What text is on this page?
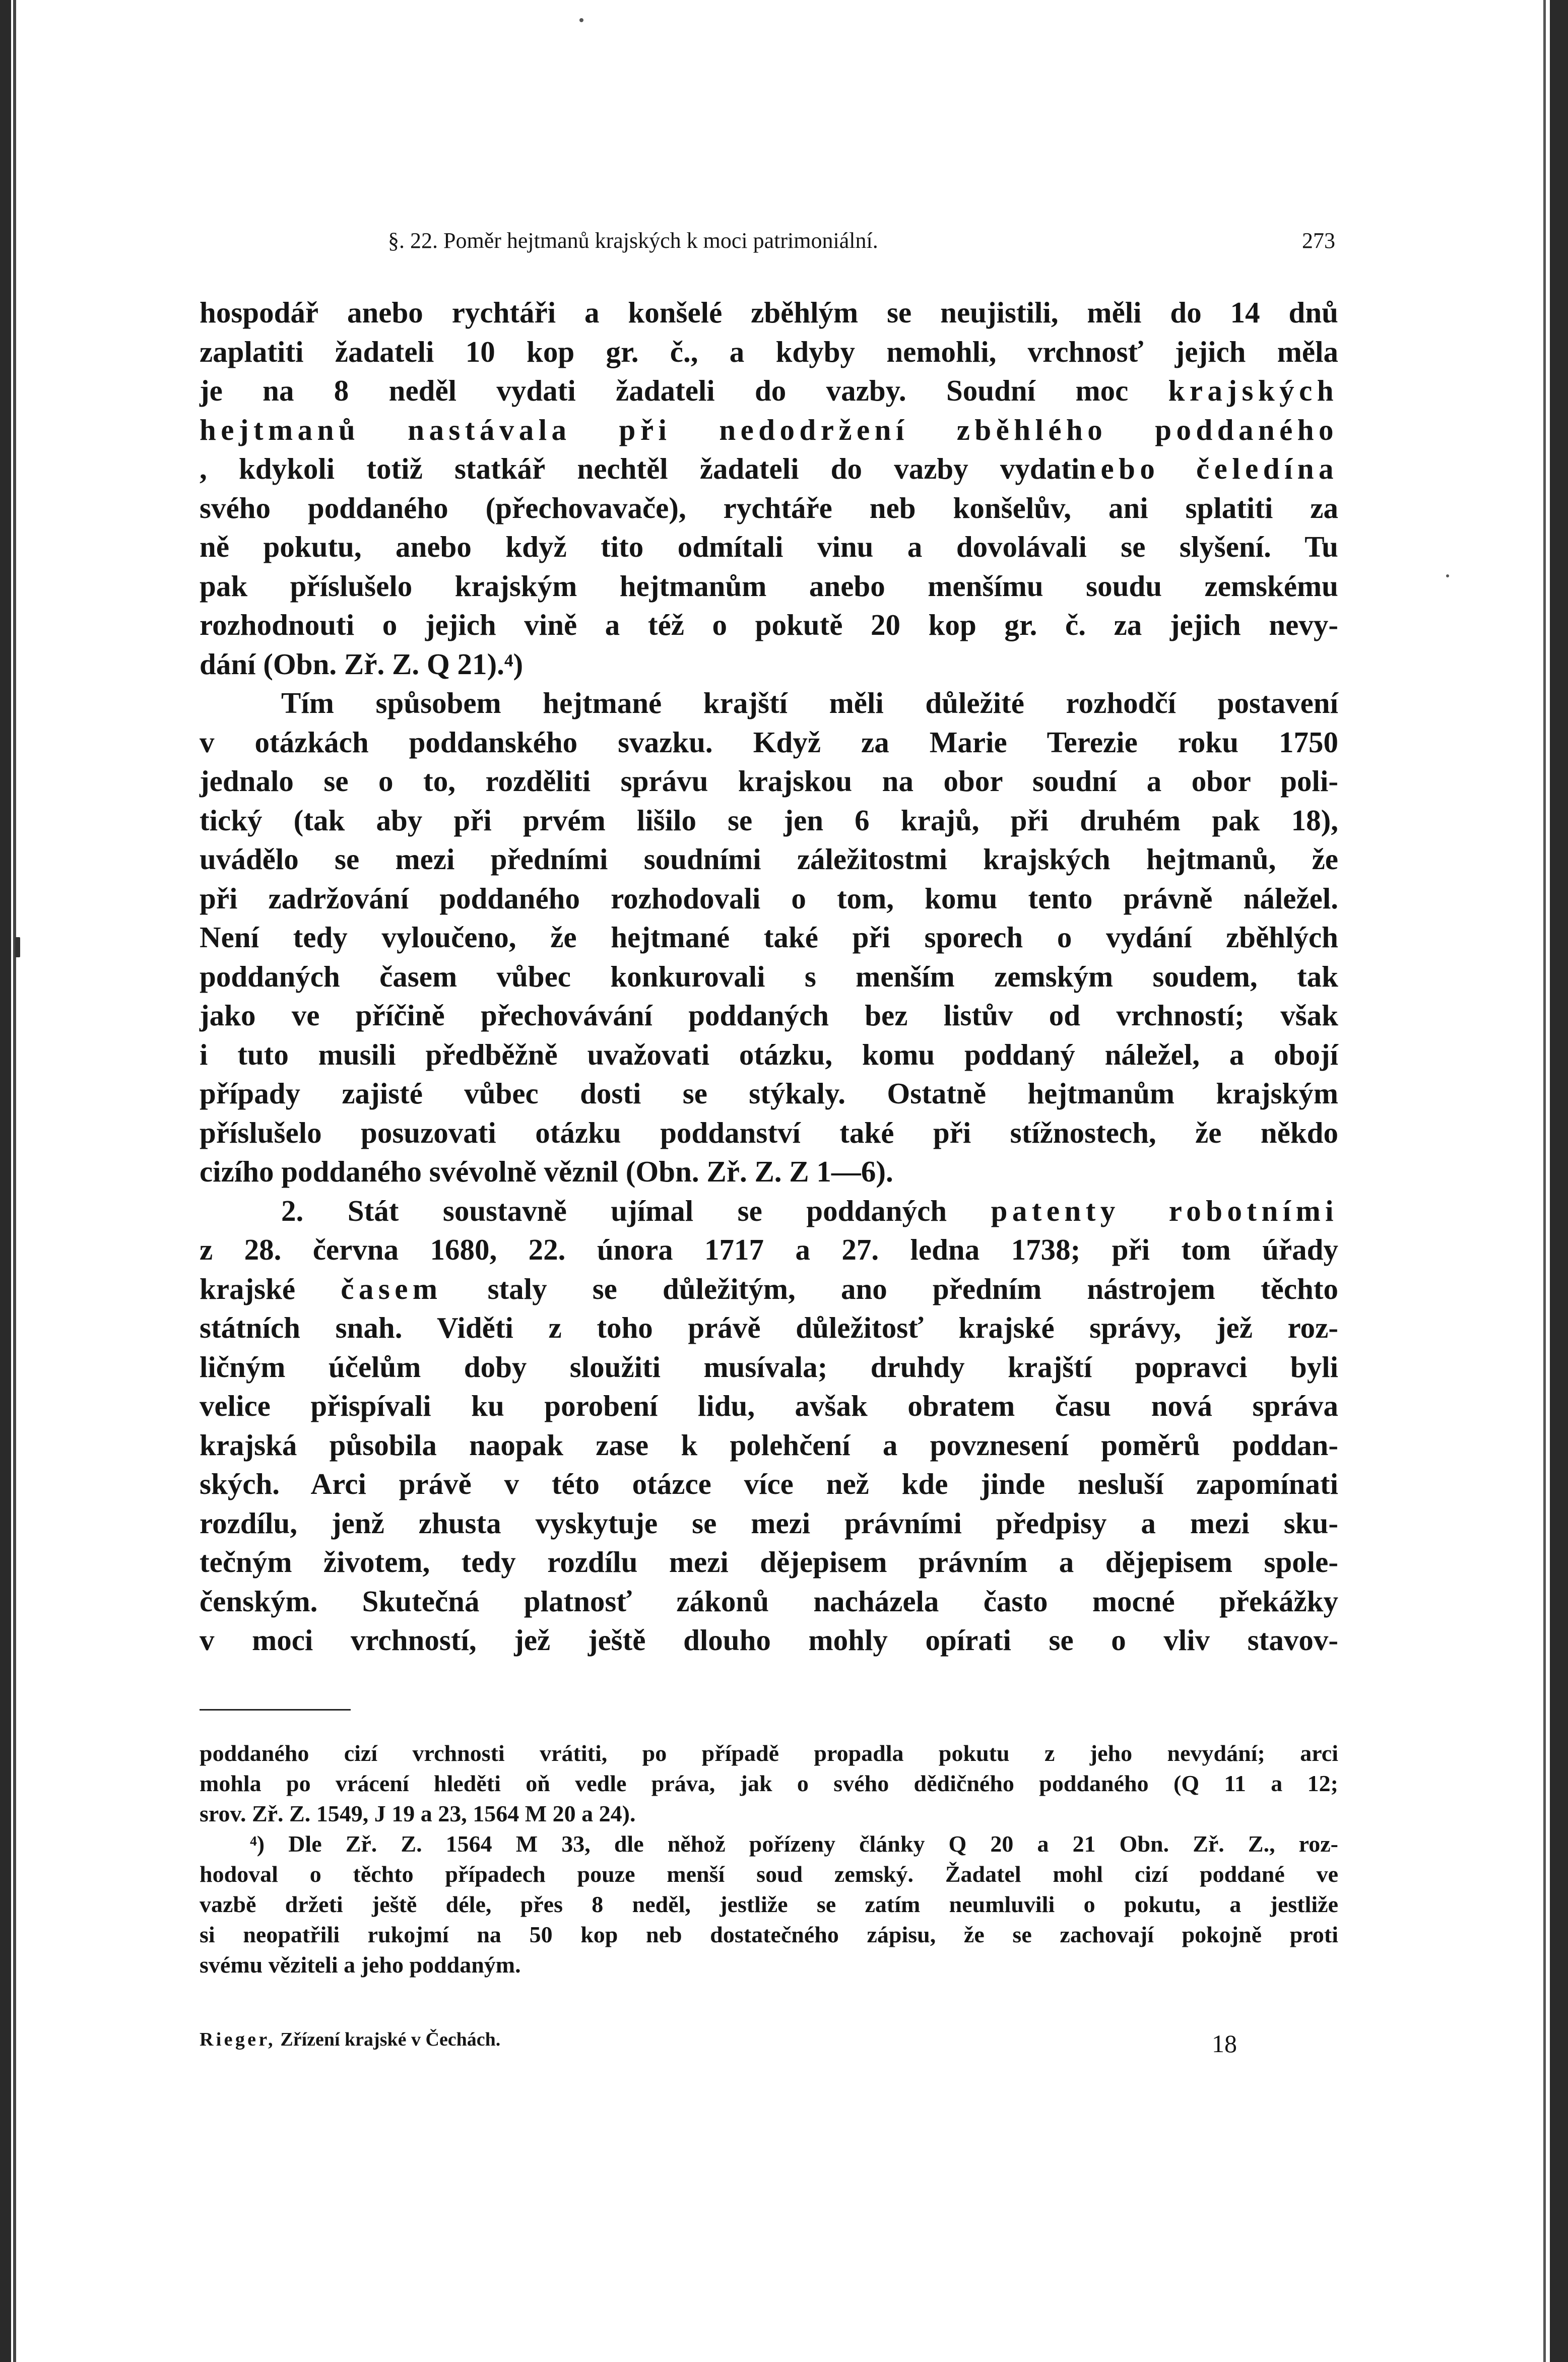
§. 22. Poměr hejtmanů krajských k moci patrimoniální.	273
hospodář anebo rychtáři a konšelé zběhlým se neujistili, měli do 14 dnů
zaplatiti žadateli 10 kop gr. č., a kdyby nemohli, vrchnosť jejich měla
je na 8 neděl vydati žadateli do vazby. Soudní moc krajských
hejtmanů nastávala při nedodržení zběhlého poddaného
, kdykoli totiž statkář nechtěl žadateli do vazby vydatinebo čeledína
svého poddaného (přechovavače), rychtáře neb konšelův, ani splatiti za
ně pokutu, anebo když tito odmítali vinu a dovolávali se slyšení. Tu
pak příslušelo krajským hejtmanům anebo menšímu soudu zemskému
rozhodnouti o jejich vině a též o pokutě 20 kop gr. č. za jejich nevy-
dání (Obn. Zř. Z. Q 21).⁴)
Tím spůsobem hejtmané krajští měli důležité rozhodčí postavení
v otázkách poddanského svazku. Když za Marie Terezie roku 1750
jednalo se o to, rozděliti správu krajskou na obor soudní a obor poli-
tický (tak aby při prvém lišilo se jen 6 krajů, při druhém pak 18),
uvádělo se mezi předními soudními záležitostmi krajských hejtmanů, že
při zadržování poddaného rozhodovali o tom, komu tento právně náležel.
Není tedy vyloučeno, že hejtmané také při sporech o vydání zběhlých
poddaných časem vůbec konkurovali s menším zemským soudem, tak
jako ve příčině přechovávání poddaných bez listův od vrchností; však
i tuto musili předběžně uvažovati otázku, komu poddaný náležel, a obojí
případy zajisté vůbec dosti se stýkaly. Ostatně hejtmanům krajským
příslušelo posuzovati otázku poddanství také při stížnostech, že někdo
cizího poddaného svévolně věznil (Obn. Zř. Z. Z 1—6).
2. Stát soustavně ujímal se poddaných patenty robotními
z 28. června 1680, 22. února 1717 a 27. ledna 1738; při tom úřady
krajské časem staly se důležitým, ano předním nástrojem těchto
státních snah. Viděti z toho právě důležitosť krajské správy, jež roz-
ličným účelům doby sloužiti musívala; druhdy krajští popravci byli
velice přispívali ku porobení lidu, avšak obratem času nová správa
krajská působila naopak zase k polehčení a povznesení poměrů poddan-
ských. Arci právě v této otázce více než kde jinde nesluší zapomínati
rozdílu, jenž zhusta vyskytuje se mezi právními předpisy a mezi sku-
tečným životem, tedy rozdílu mezi dějepisem právním a dějepisem spole-
čenským. Skutečná platnosť zákonů nacházela často mocné překážky
v moci vrchností, jež ještě dlouho mohly opírati se o vliv stavov-
poddaného cizí vrchnosti vrátiti, po případě propadla pokutu z jeho nevydání; arci
mohla po vrácení hleděti oň vedle práva, jak o svého dědičného poddaného (Q 11 a 12;
srov. Zř. Z. 1549, J 19 a 23, 1564 M 20 a 24).
⁴) Dle Zř. Z. 1564 M 33, dle něhož pořízeny články Q 20 a 21 Obn. Zř. Z., roz-
hodoval o těchto případech pouze menší soud zemský. Žadatel mohl cizí poddané ve
vazbě držeti ještě déle, přes 8 neděl, jestliže se zatím neumluvili o pokutu, a jestliže
si neopatřili rukojmí na 50 kop neb dostatečného zápisu, že se zachovají pokojně proti
svému věziteli a jeho poddaným.
Rieger, Zřízení krajské v Čechách.	18
